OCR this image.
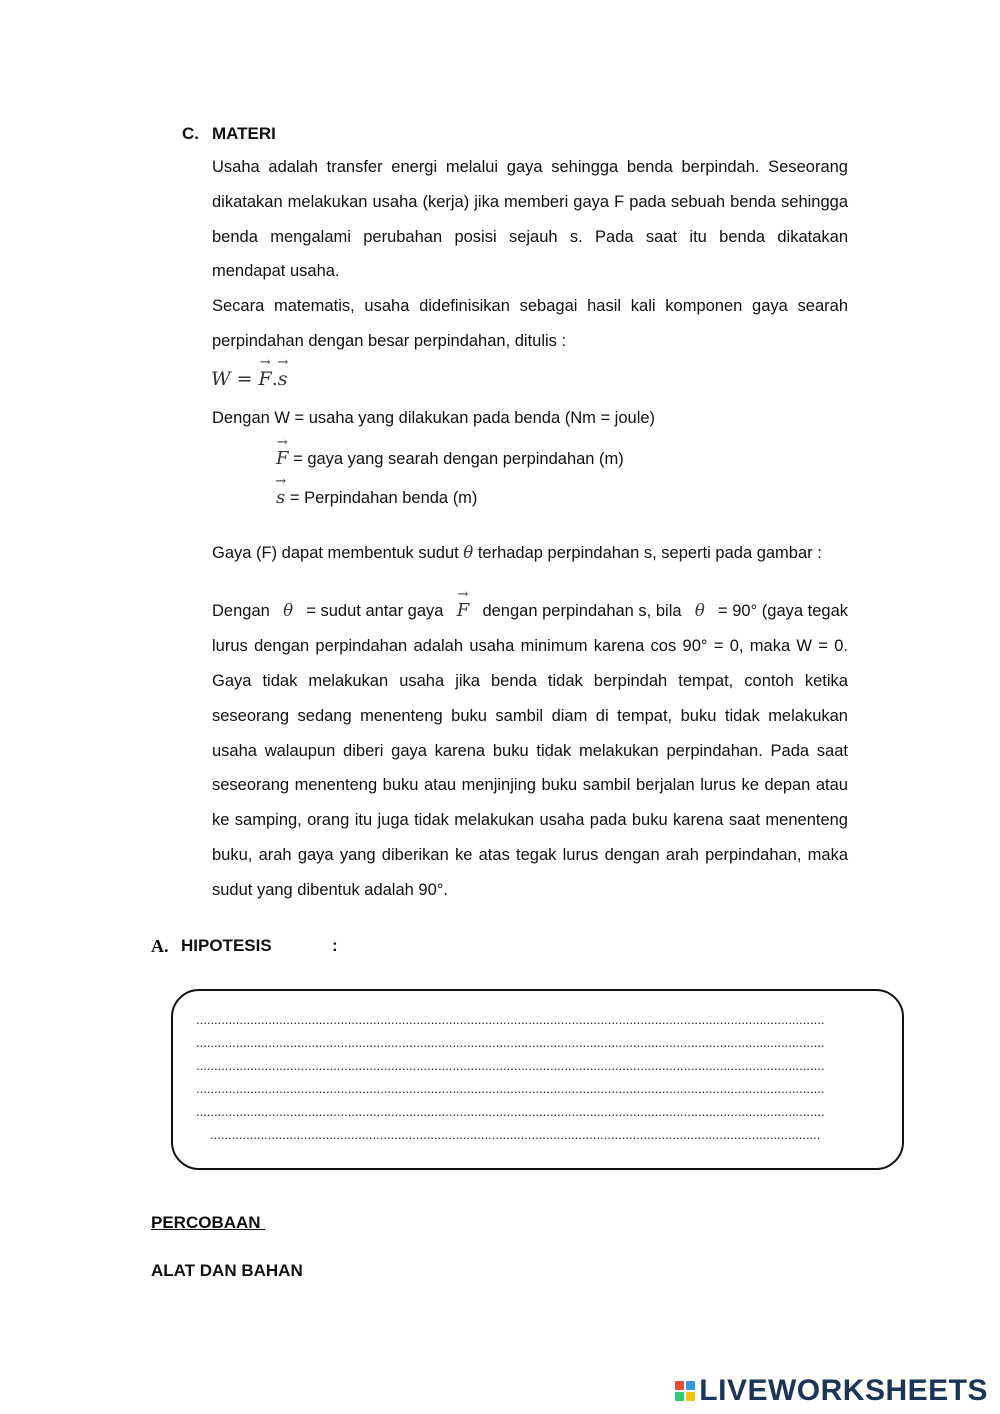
C. MATERI
Usaha adalah transfer energi melalui gaya sehingga benda berpindah. Seseorang dikatakan melakukan usaha (kerja) jika memberi gaya F pada sebuah benda sehingga benda mengalami perubahan posisi sejauh s. Pada saat itu benda dikatakan mendapat usaha.
Secara matematis, usaha didefinisikan sebagai hasil kali komponen gaya searah perpindahan dengan besar perpindahan, ditulis :
W =
→
F.
→
s
Dengan W = usaha yang dilakukan pada benda (Nm = joule)
→
F = gaya yang searah dengan perpindahan (m)
→
s = Perpindahan benda (m)
Gaya (F) dapat membentuk sudut θ terhadap perpindahan s, seperti pada gambar :
Dengan θ = sudut antar gaya
→
F dengan perpindahan s, bila θ = 90° (gaya tegak
lurus dengan perpindahan adalah usaha minimum karena cos 90° = 0, maka W = 0.
Gaya tidak melakukan usaha jika benda tidak berpindah tempat, contoh ketika seseorang sedang menenteng buku sambil diam di tempat, buku tidak melakukan usaha walaupun diberi gaya karena buku tidak melakukan perpindahan. Pada saat seseorang menenteng buku atau menjinjing buku sambil berjalan lurus ke depan atau ke samping, orang itu juga tidak melakukan usaha pada buku karena saat menenteng buku, arah gaya yang diberikan ke atas tegak lurus dengan arah perpindahan, maka sudut yang dibentuk adalah 90°.
A. HIPOTESIS	:
..............................................................................................................................................................................
..............................................................................................................................................................................
..............................................................................................................................................................................
..............................................................................................................................................................................
..............................................................................................................................................................................
.........................................................................................................................................................................
PERCOBAAN
ALAT DAN BAHAN
LIVEWORKSHEETS
